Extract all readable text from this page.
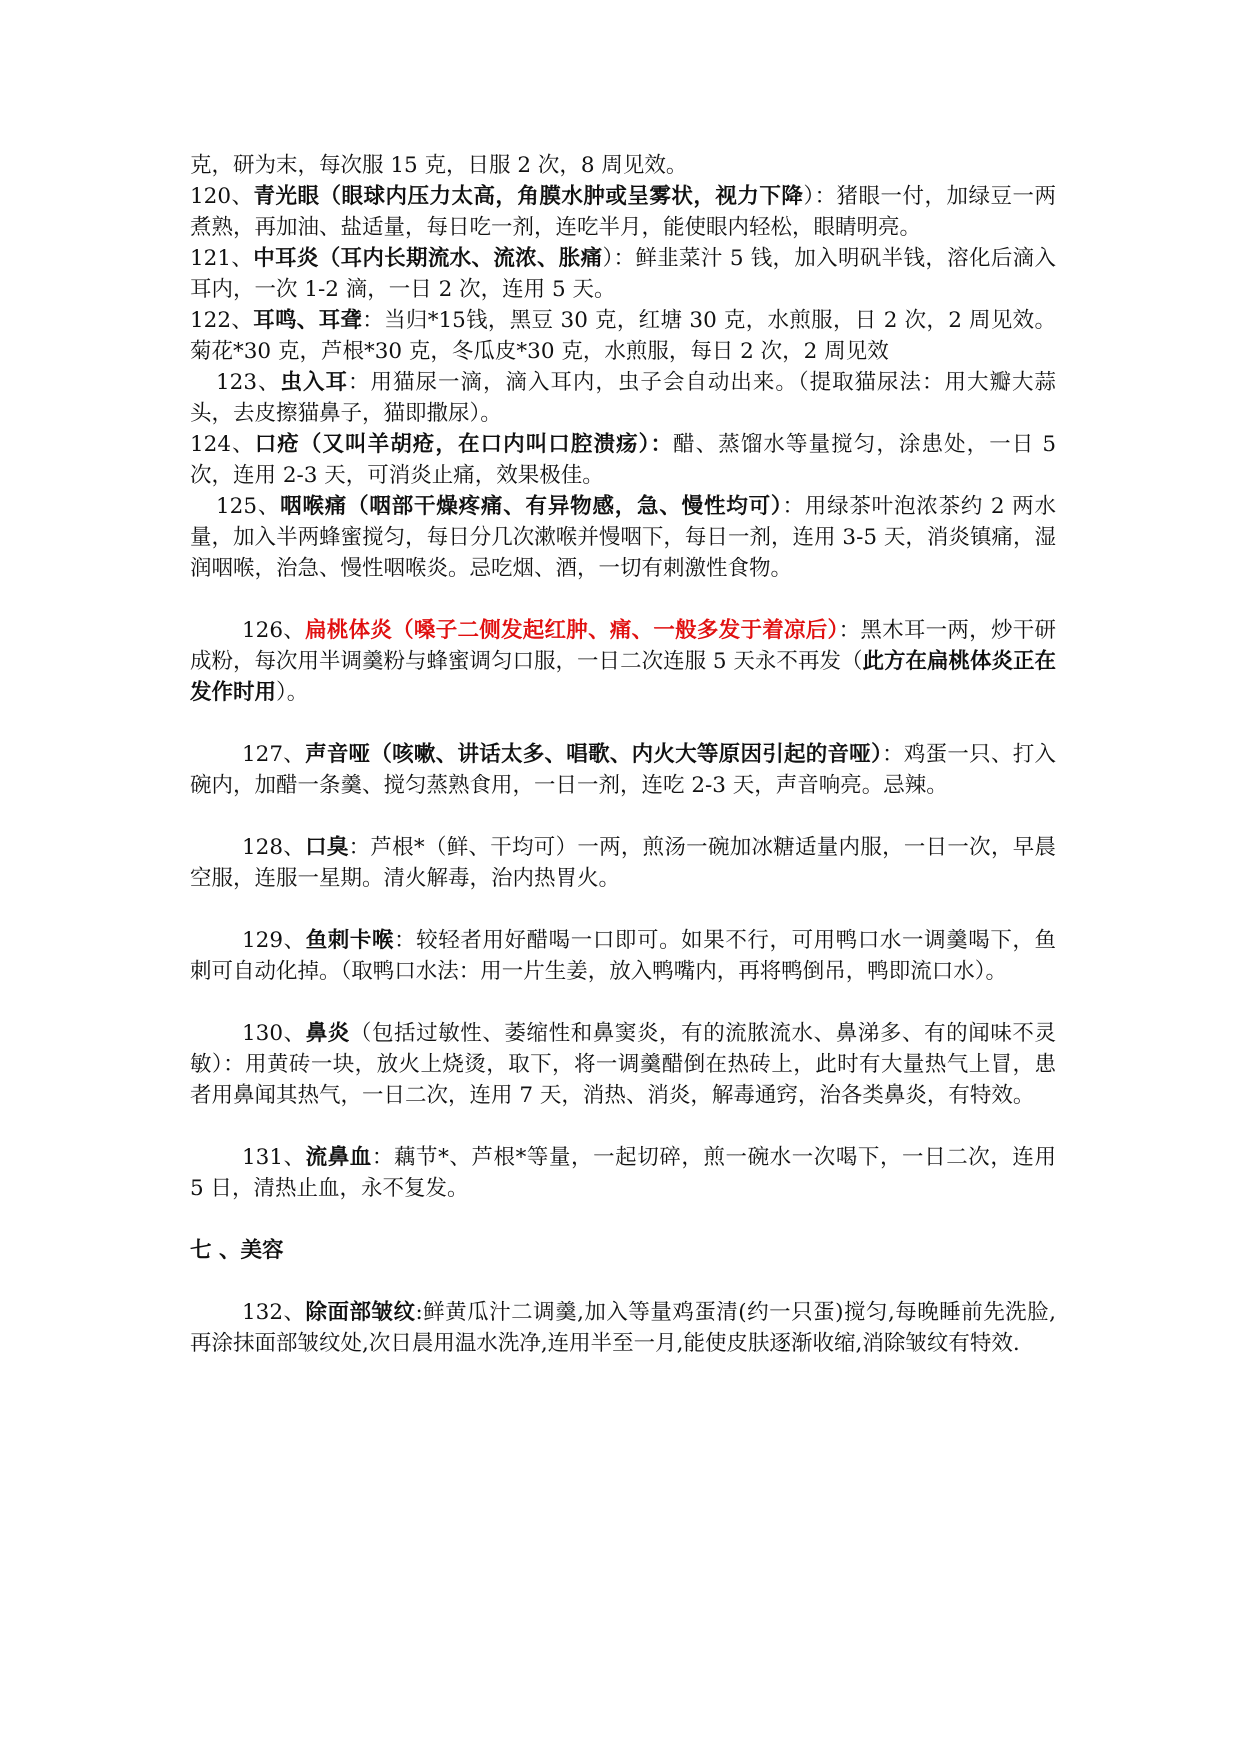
克，研为末，每次服 15 克，日服 2 次，8 周见效。

120、青光眼（眼球内压力太高，角膜水肿或呈雾状，视力下降）：猪眼一付，加绿豆一两煮熟，再加油、盐适量，每日吃一剂，连吃半月，能使眼内轻松，眼睛明亮。

121、中耳炎（耳内长期流水、流浓、胀痛）：鲜韭菜汁 5 钱，加入明矾半钱，溶化后滴入耳内，一次 1-2 滴，一日 2 次，连用 5 天。

122、耳鸣、耳聋：当归*15钱，黑豆 30 克，红塘 30 克，水煎服，日 2 次，2 周见效。菊花*30 克，芦根*30 克，冬瓜皮*30 克，水煎服，每日 2 次，2 周见效

123、虫入耳：用猫尿一滴，滴入耳内，虫子会自动出来。（提取猫尿法：用大瓣大蒜头，去皮擦猫鼻子，猫即撒尿）。

124、口疮（又叫羊胡疮，在口内叫口腔溃疡）：醋、蒸馏水等量搅匀，涂患处，一日 5 次，连用 2-3 天，可消炎止痛，效果极佳。

125、咽喉痛（咽部干燥疼痛、有异物感，急、慢性均可）：用绿茶叶泡浓茶约 2 两水量，加入半两蜂蜜搅匀，每日分几次漱喉并慢咽下，每日一剂，连用 3-5 天，消炎镇痛，湿润咽喉，治急、慢性咽喉炎。忌吃烟、酒，一切有刺激性食物。

126、扁桃体炎（嗓子二侧发起红肿、痛、一般多发于着凉后）：黑木耳一两，炒干研成粉，每次用半调羹粉与蜂蜜调匀口服，一日二次连服 5 天永不再发（此方在扁桃体炎正在发作时用）。

127、声音哑（咳嗽、讲话太多、唱歌、内火大等原因引起的音哑）：鸡蛋一只、打入碗内，加醋一条羹、搅匀蒸熟食用，一日一剂，连吃 2-3 天，声音响亮。忌辣。

128、口臭：芦根*（鲜、干均可）一两，煎汤一碗加冰糖适量内服，一日一次，早晨空服，连服一星期。清火解毒，治内热胃火。

129、鱼刺卡喉：较轻者用好醋喝一口即可。如果不行，可用鸭口水一调羹喝下，鱼刺可自动化掉。（取鸭口水法：用一片生姜，放入鸭嘴内，再将鸭倒吊，鸭即流口水）。

130、鼻炎（包括过敏性、萎缩性和鼻窦炎，有的流脓流水、鼻涕多、有的闻味不灵敏）：用黄砖一块，放火上烧烫，取下，将一调羹醋倒在热砖上，此时有大量热气上冒，患者用鼻闻其热气，一日二次，连用 7 天，消热、消炎，解毒通窍，治各类鼻炎，有特效。

131、流鼻血：藕节*、芦根*等量，一起切碎，煎一碗水一次喝下，一日二次，连用 5 日，清热止血，永不复发。

七 、美容

132、除面部皱纹:鲜黄瓜汁二调羹,加入等量鸡蛋清(约一只蛋)搅匀,每晚睡前先洗脸,再涂抹面部皱纹处,次日晨用温水洗净,连用半至一月,能使皮肤逐渐收缩,消除皱纹有特效.
